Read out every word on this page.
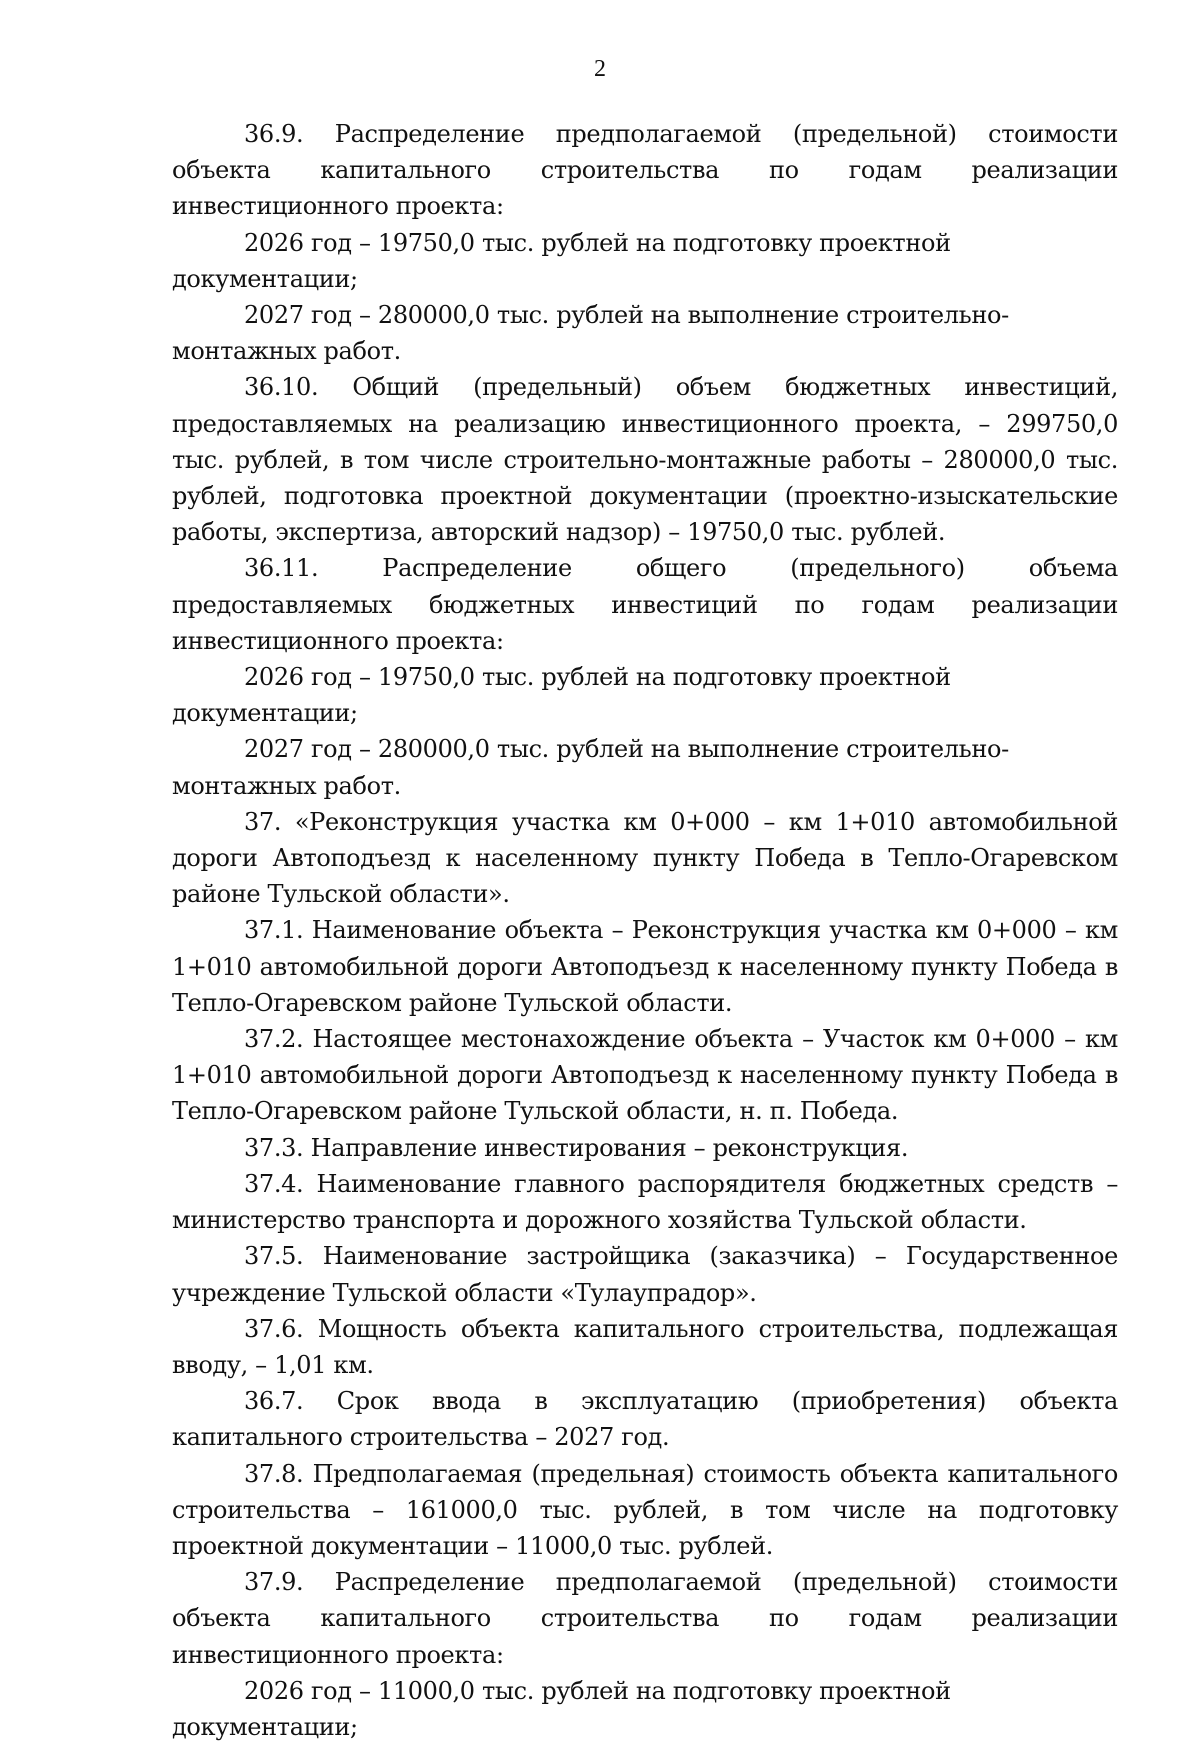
2

36.9. Распределение предполагаемой (предельной) стоимости объекта капитального строительства по годам реализации инвестиционного проекта:

2026 год – 19750,0 тыс. рублей на подготовку проектной документации;

2027 год – 280000,0 тыс. рублей на выполнение строительно-монтажных работ.

36.10. Общий (предельный) объем бюджетных инвестиций, предоставляемых на реализацию инвестиционного проекта, – 299750,0 тыс. рублей, в том числе строительно-монтажные работы – 280000,0 тыс. рублей, подготовка проектной документации (проектно-изыскательские работы, экспертиза, авторский надзор) – 19750,0 тыс. рублей.

36.11. Распределение общего (предельного) объема предоставляемых бюджетных инвестиций по годам реализации инвестиционного проекта:

2026 год – 19750,0 тыс. рублей на подготовку проектной документации;

2027 год – 280000,0 тыс. рублей на выполнение строительно-монтажных работ.

37. «Реконструкция участка км 0+000 – км 1+010 автомобильной дороги Автоподъезд к населенному пункту Победа в Тепло-Огаревском районе Тульской области».

37.1. Наименование объекта – Реконструкция участка км 0+000 – км 1+010 автомобильной дороги Автоподъезд к населенному пункту Победа в Тепло-Огаревском районе Тульской области.

37.2. Настоящее местонахождение объекта – Участок км 0+000 – км 1+010 автомобильной дороги Автоподъезд к населенному пункту Победа в Тепло-Огаревском районе Тульской области, н. п. Победа.

37.3. Направление инвестирования – реконструкция.

37.4. Наименование главного распорядителя бюджетных средств – министерство транспорта и дорожного хозяйства Тульской области.

37.5. Наименование застройщика (заказчика) – Государственное учреждение Тульской области «Тулаупрадор».

37.6. Мощность объекта капитального строительства, подлежащая вводу, – 1,01 км.

36.7. Срок ввода в эксплуатацию (приобретения) объекта капитального строительства – 2027 год.

37.8. Предполагаемая (предельная) стоимость объекта капитального строительства – 161000,0 тыс. рублей, в том числе на подготовку проектной документации – 11000,0 тыс. рублей.

37.9. Распределение предполагаемой (предельной) стоимости объекта капитального строительства по годам реализации инвестиционного проекта:

2026 год – 11000,0 тыс. рублей на подготовку проектной документации;
